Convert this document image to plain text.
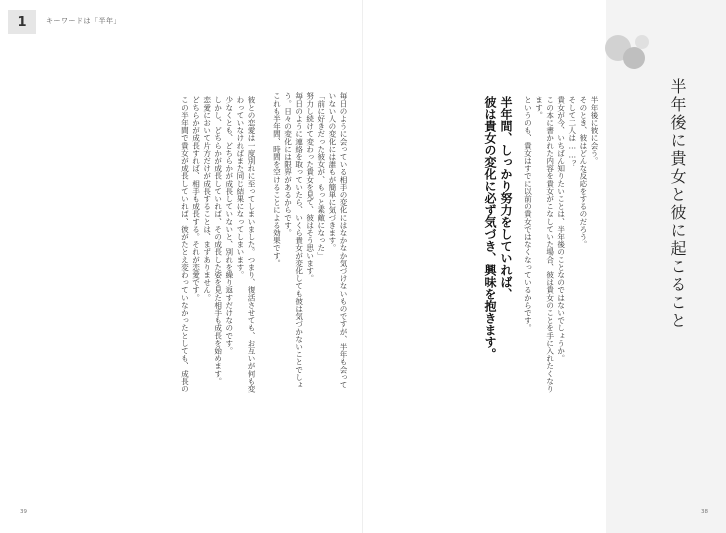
1	キーワードは「半年」
毎日のように会っている相手の変化にはなかなか気づけないものですが、半年も会って
いない人の変化には誰もが簡単に気づきます。
「前に好きだった彼女が、もっと素敵になった」
努力し続けて変わった貴女を見て、彼はそう思います。
毎日のように連絡を取っていたら、いくら貴女が変化しても彼は気づかないことでしょ
う。日々の変化には限界があるからです。
これも半年間、時間を空けることによる効果です。
彼との恋愛は一度別れに至ってしまいました。つまり、復活させても、お互いが何も変
わっていなければまた同じ結果になってしまいます。
少なくとも、どちらかが成長していないと、別れを繰り返すだけなのです。
しかし、どちらかが成長していれば、その成長した姿を見た相手も成長を始めます。
恋愛において片方だけが成長することは、まずありません。
どちらかが成長すれば、相手も成長する。それが恋愛です。
この半年間で貴女が成長していれば、彼がたとえ変わっていなかったとしても、成長の
39
半年後に貴女と彼に起こること
半年後に彼に会う。
そのとき、彼はどんな反応をするのだろう。
そして二人は……？
貴女が今、いちばん知りたいことは、半年後のことなのではないでしょうか。
この本に書かれた内容を貴女がこなしていた場合、彼は貴女のことを手に入れたくなり
ます。
というのも、貴女はすでに以前の貴女ではなくなっているからです。
半年間、しっかり努力をしていれば、
彼は貴女の変化に必ず気づき、興味を抱きます。
38
